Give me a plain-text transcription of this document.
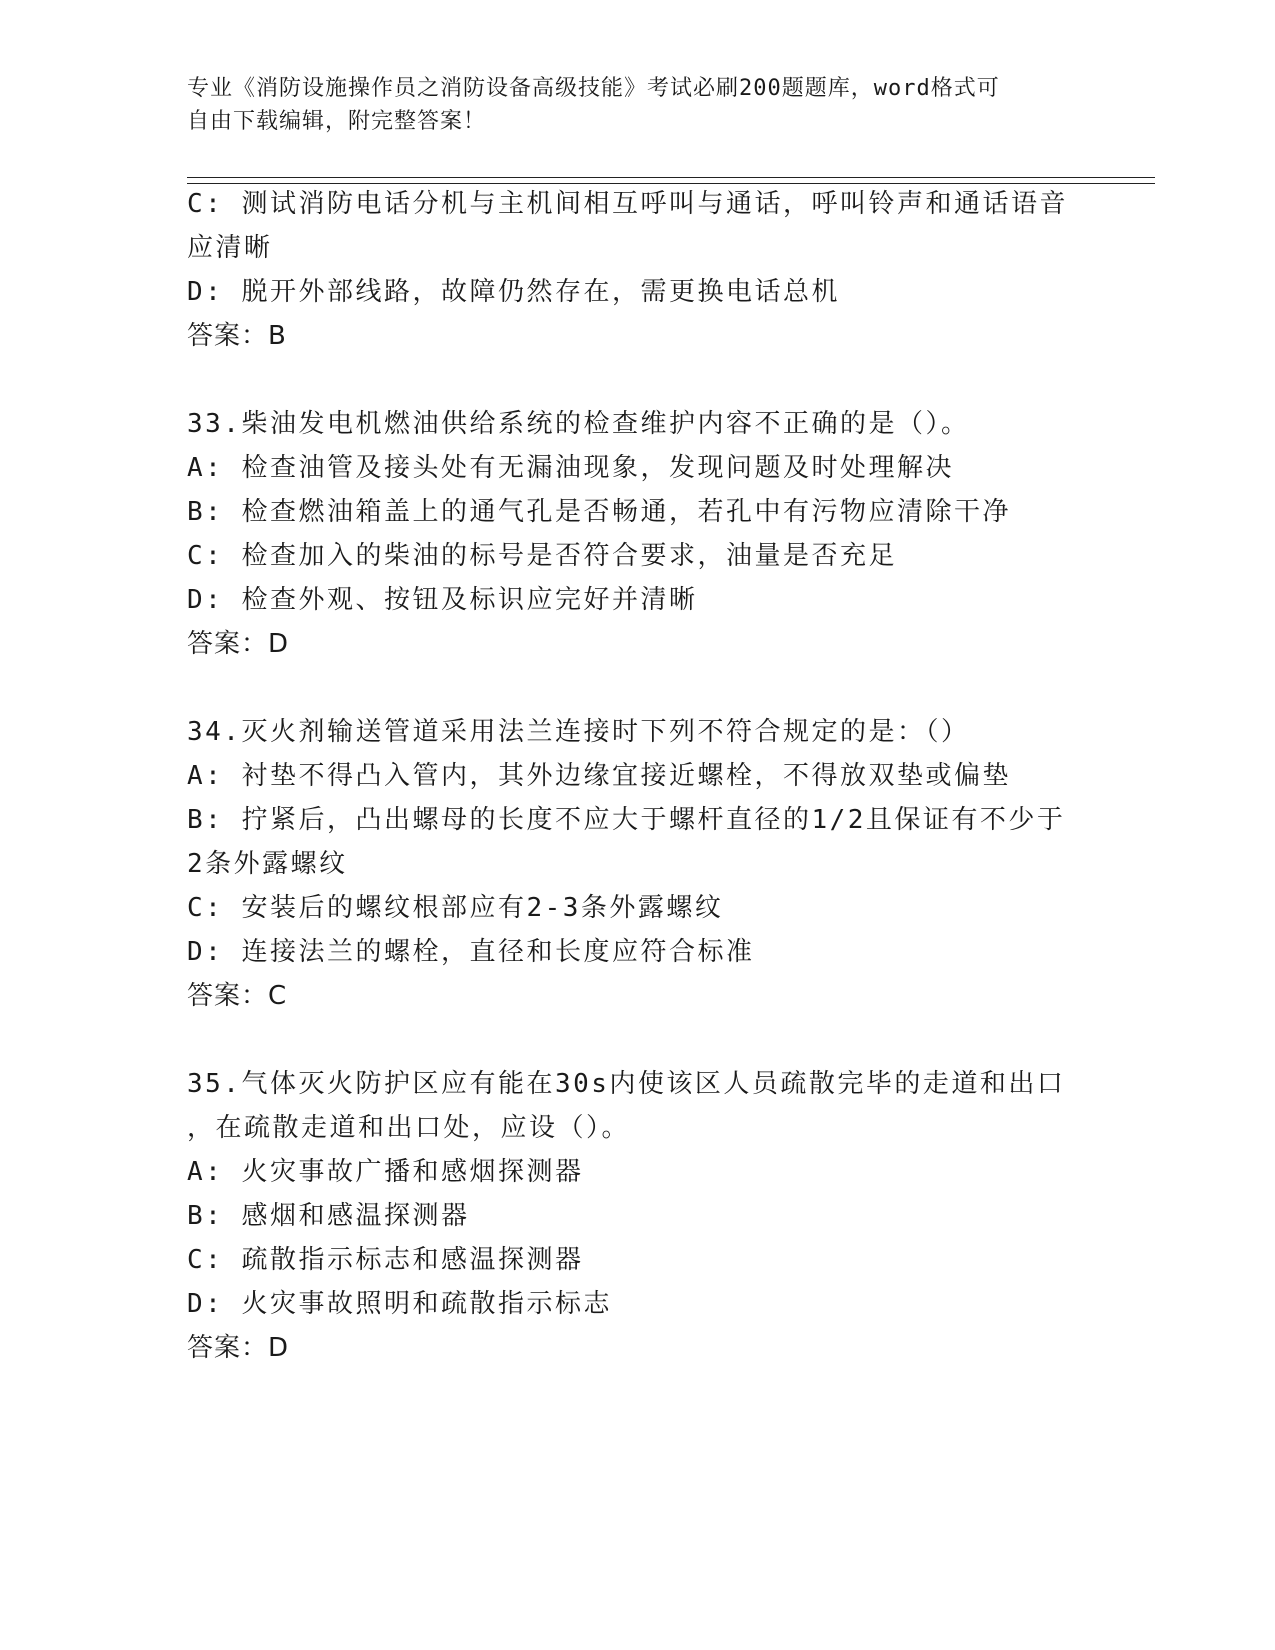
专业《消防设施操作员之消防设备高级技能》考试必刷200题题库，word格式可
自由下载编辑，附完整答案！
C: 测试消防电话分机与主机间相互呼叫与通话，呼叫铃声和通话语音
应清晰
D: 脱开外部线路，故障仍然存在，需更换电话总机
答案：B
33.柴油发电机燃油供给系统的检查维护内容不正确的是（）。
A: 检查油管及接头处有无漏油现象，发现问题及时处理解决
B: 检查燃油箱盖上的通气孔是否畅通，若孔中有污物应清除干净
C: 检查加入的柴油的标号是否符合要求，油量是否充足
D: 检查外观、按钮及标识应完好并清晰
答案：D
34.灭火剂输送管道采用法兰连接时下列不符合规定的是：（）
A: 衬垫不得凸入管内，其外边缘宜接近螺栓，不得放双垫或偏垫
B: 拧紧后，凸出螺母的长度不应大于螺杆直径的1/2且保证有不少于
2条外露螺纹
C: 安装后的螺纹根部应有2-3条外露螺纹
D: 连接法兰的螺栓，直径和长度应符合标准
答案：C
35.气体灭火防护区应有能在30s内使该区人员疏散完毕的走道和出口
，在疏散走道和出口处，应设（）。
A: 火灾事故广播和感烟探测器
B: 感烟和感温探测器
C: 疏散指示标志和感温探测器
D: 火灾事故照明和疏散指示标志
答案：D
